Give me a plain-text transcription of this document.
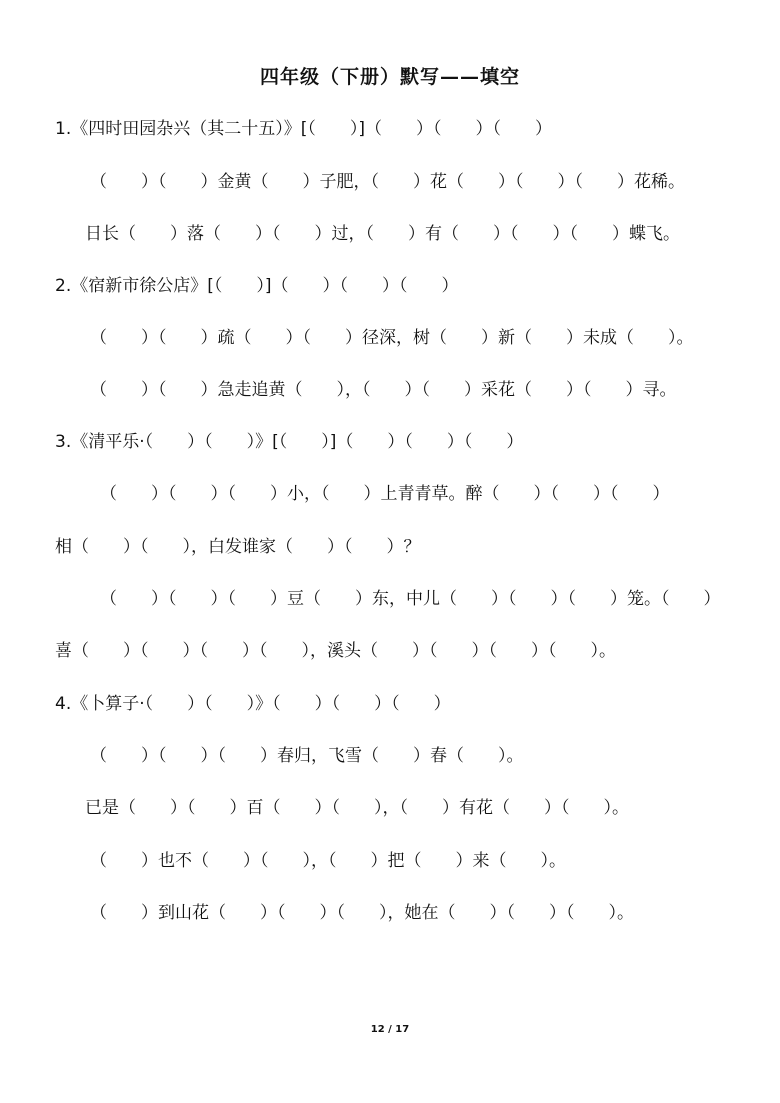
四年级（下册）默写——填空
1.《四时田园杂兴（其二十五）》[（　　）]（　　）（　　）（　　）
（　　）（　　）金黄（　　）子肥，（　　）花（　　）（　　）（　　）花稀。
日长（　　）落（　　）（　　）过，（　　）有（　　）（　　）（　　）蝶飞。
2.《宿新市徐公店》[（　　）]（　　）（　　）（　　）
（　　）（　　）疏（　　）（　　）径深，树（　　）新（　　）未成（　　）。
（　　）（　　）急走追黄（　　），（　　）（　　）采花（　　）（　　）寻。
3.《清平乐·（　　）（　　）》[（　　）]（　　）（　　）（　　）
（　　）（　　）（　　）小，（　　）上青青草。醉（　　）（　　）（　　）
相（　　）（　　），白发谁家（　　）（　　）？
（　　）（　　）（　　）豆（　　）东，中儿（　　）（　　）（　　）笼。（　　）
喜（　　）（　　）（　　）（　　），溪头（　　）（　　）（　　）（　　）。
4.《卜算子·（　　）（　　）》（　　）（　　）（　　）
（　　）（　　）（　　）春归，飞雪（　　）春（　　）。
已是（　　）（　　）百（　　）（　　），（　　）有花（　　）（　　）。
（　　）也不（　　）（　　），（　　）把（　　）来（　　）。
（　　）到山花（　　）（　　）（　　），她在（　　）（　　）（　　）。
12 / 17
